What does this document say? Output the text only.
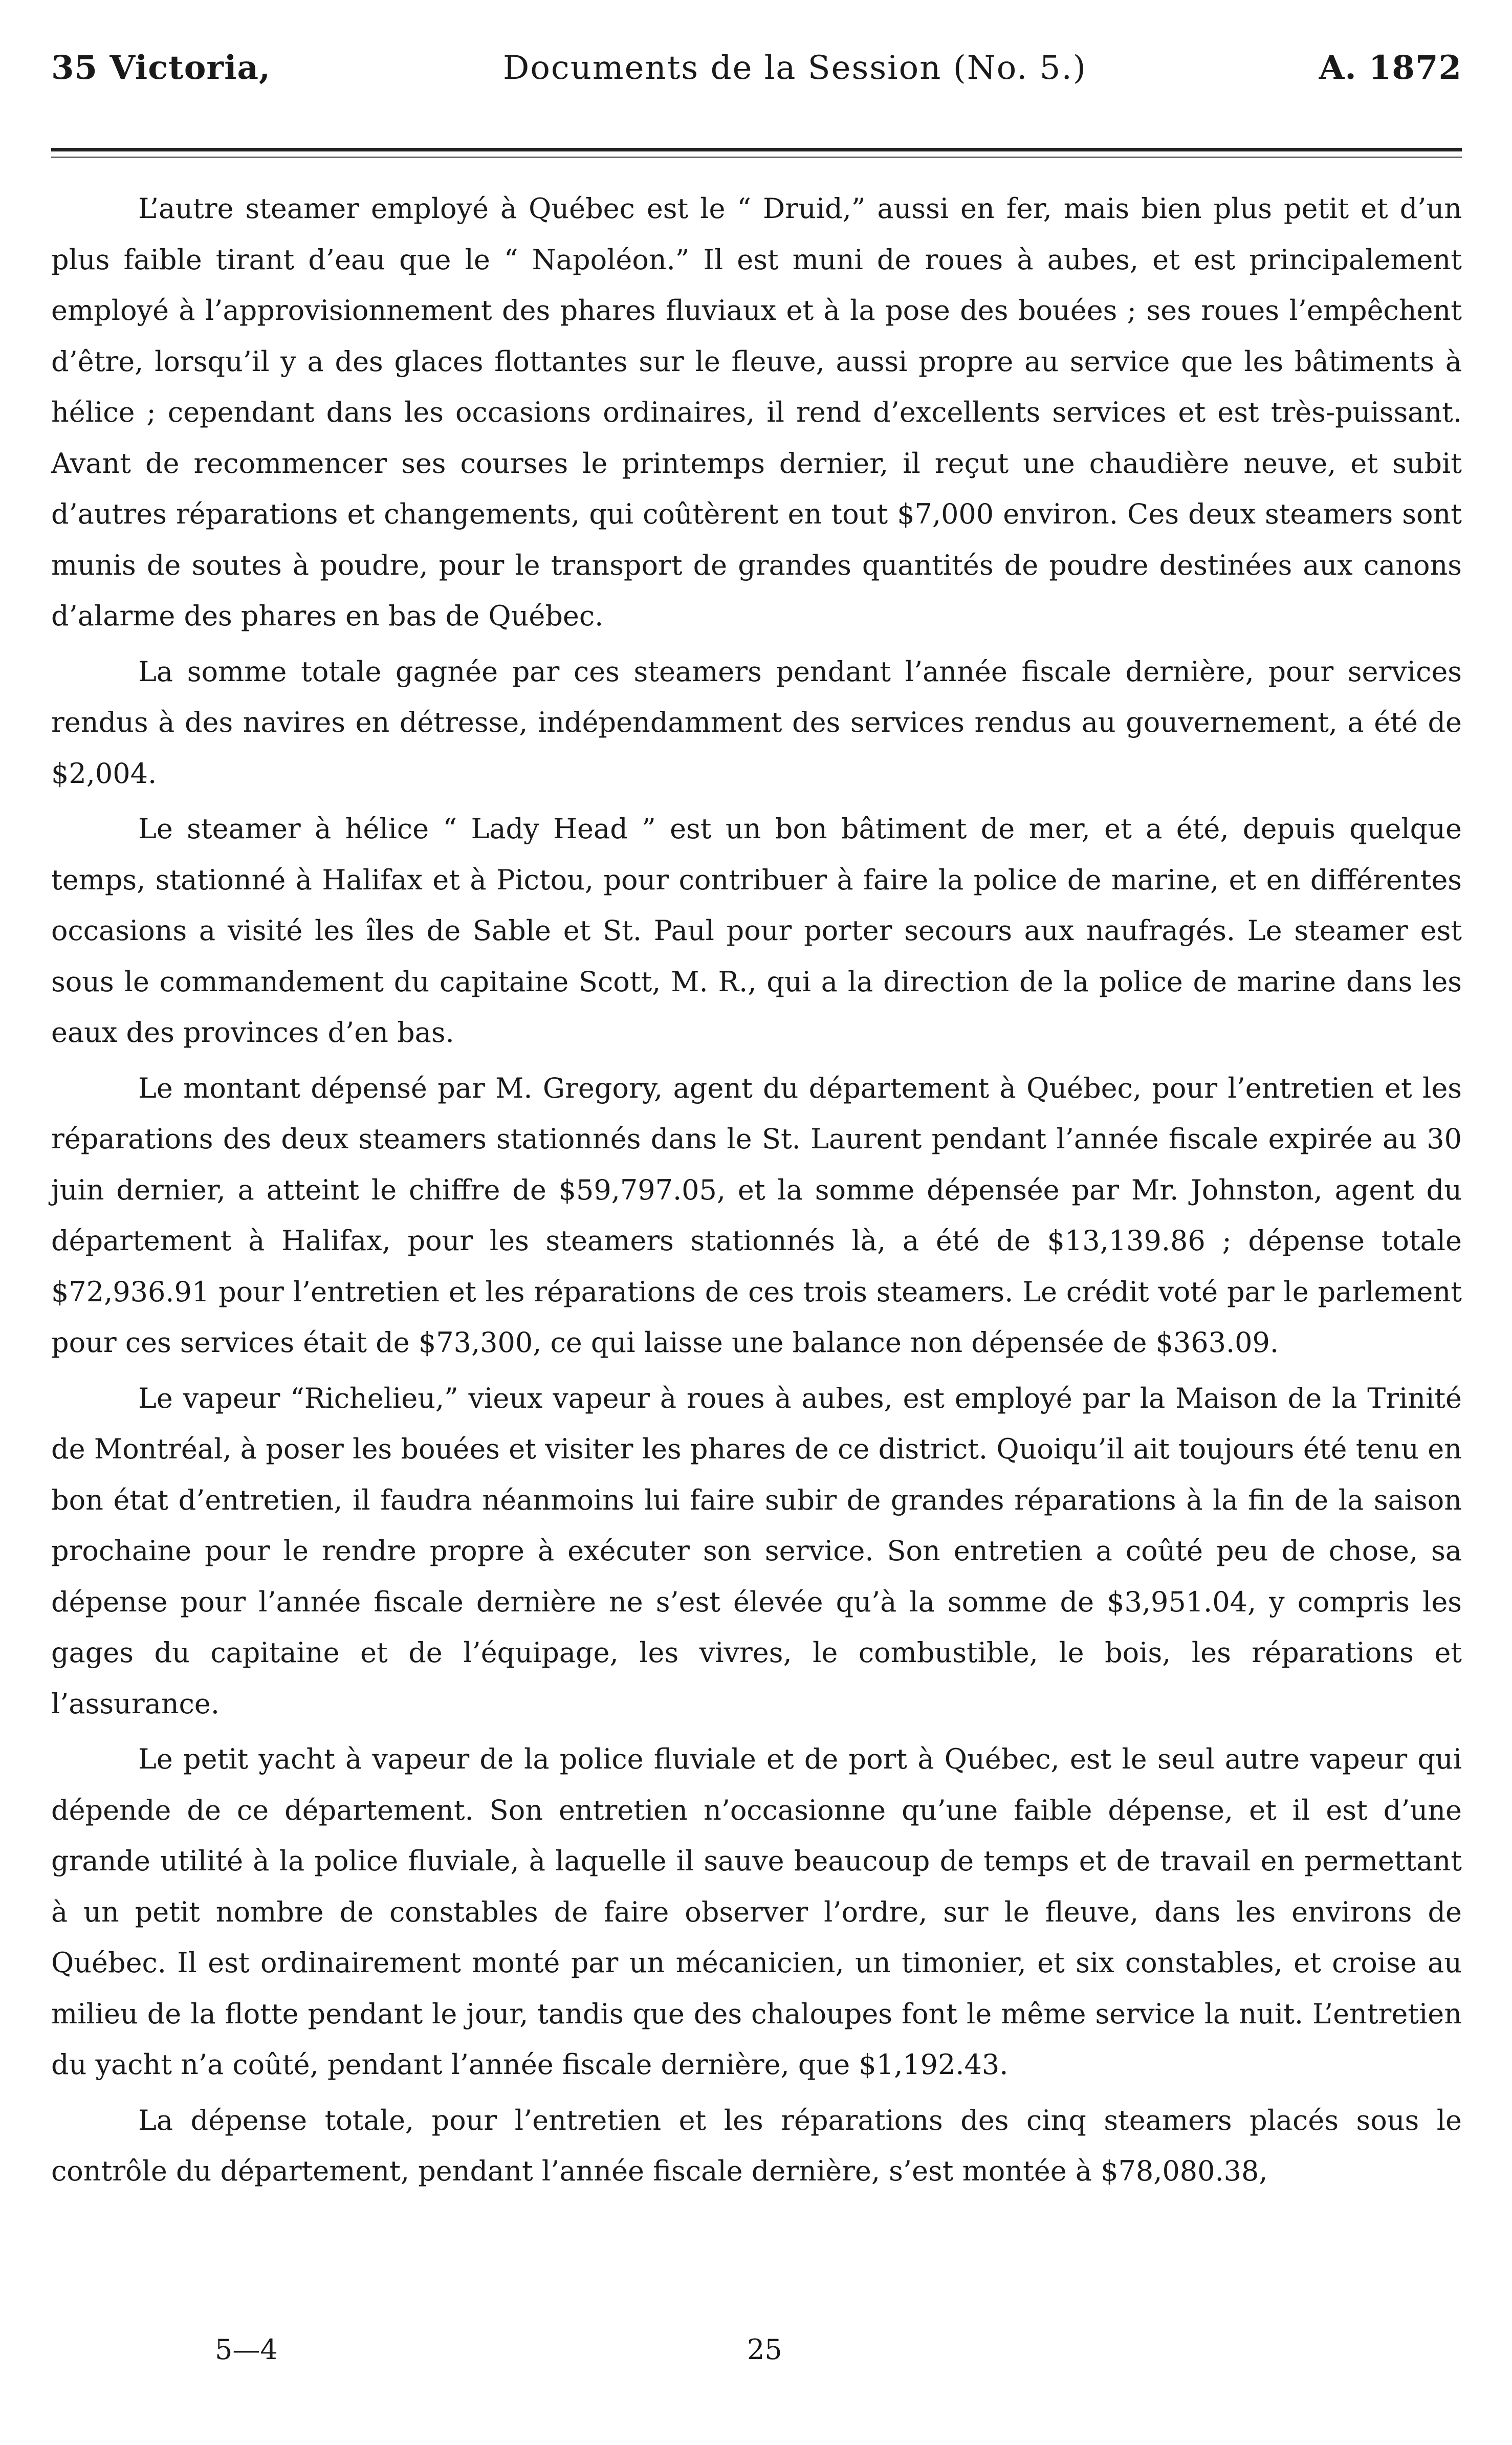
35 Victoria,	Documents de la Session (No. 5.)	A. 1872

L’autre steamer employé à Québec est le “ Druid,” aussi en fer, mais bien plus petit et d’un plus faible tirant d’eau que le “ Napoléon.” Il est muni de roues à aubes, et est principalement employé à l’approvisionnement des phares fluviaux et à la pose des bouées ; ses roues l’empêchent d’être, lorsqu’il y a des glaces flottantes sur le fleuve, aussi propre au service que les bâtiments à hélice ; cependant dans les occasions ordinaires, il rend d’excellents services et est très-puissant. Avant de recommencer ses courses le printemps dernier, il reçut une chaudière neuve, et subit d’autres réparations et changements, qui coûtèrent en tout $7,000 environ. Ces deux steamers sont munis de soutes à poudre, pour le transport de grandes quantités de poudre destinées aux canons d’alarme des phares en bas de Québec.

La somme totale gagnée par ces steamers pendant l’année fiscale dernière, pour services rendus à des navires en détresse, indépendamment des services rendus au gouvernement, a été de $2,004.

Le steamer à hélice “ Lady Head ” est un bon bâtiment de mer, et a été, depuis quelque temps, stationné à Halifax et à Pictou, pour contribuer à faire la police de marine, et en différentes occasions a visité les îles de Sable et St. Paul pour porter secours aux naufragés. Le steamer est sous le commandement du capitaine Scott, M. R., qui a la direction de la police de marine dans les eaux des provinces d’en bas.

Le montant dépensé par M. Gregory, agent du département à Québec, pour l’entretien et les réparations des deux steamers stationnés dans le St. Laurent pendant l’année fiscale expirée au 30 juin dernier, a atteint le chiffre de $59,797.05, et la somme dépensée par Mr. Johnston, agent du département à Halifax, pour les steamers stationnés là, a été de $13,139.86 ; dépense totale $72,936.91 pour l’entretien et les réparations de ces trois steamers. Le crédit voté par le parlement pour ces services était de $73,300, ce qui laisse une balance non dépensée de $363.09.

Le vapeur “Richelieu,” vieux vapeur à roues à aubes, est employé par la Maison de la Trinité de Montréal, à poser les bouées et visiter les phares de ce district. Quoiqu’il ait toujours été tenu en bon état d’entretien, il faudra néanmoins lui faire subir de grandes réparations à la fin de la saison prochaine pour le rendre propre à exécuter son service. Son entretien a coûté peu de chose, sa dépense pour l’année fiscale dernière ne s’est élevée qu’à la somme de $3,951.04, y compris les gages du capitaine et de l’équipage, les vivres, le combustible, le bois, les réparations et l’assurance.

Le petit yacht à vapeur de la police fluviale et de port à Québec, est le seul autre vapeur qui dépende de ce département. Son entretien n’occasionne qu’une faible dépense, et il est d’une grande utilité à la police fluviale, à laquelle il sauve beaucoup de temps et de travail en permettant à un petit nombre de constables de faire observer l’ordre, sur le fleuve, dans les environs de Québec. Il est ordinairement monté par un mécanicien, un timonier, et six constables, et croise au milieu de la flotte pendant le jour, tandis que des chaloupes font le même service la nuit. L’entretien du yacht n’a coûté, pendant l’année fiscale dernière, que $1,192.43.

La dépense totale, pour l’entretien et les réparations des cinq steamers placés sous le contrôle du département, pendant l’année fiscale dernière, s’est montée à $78,080.38,

5—4	25
